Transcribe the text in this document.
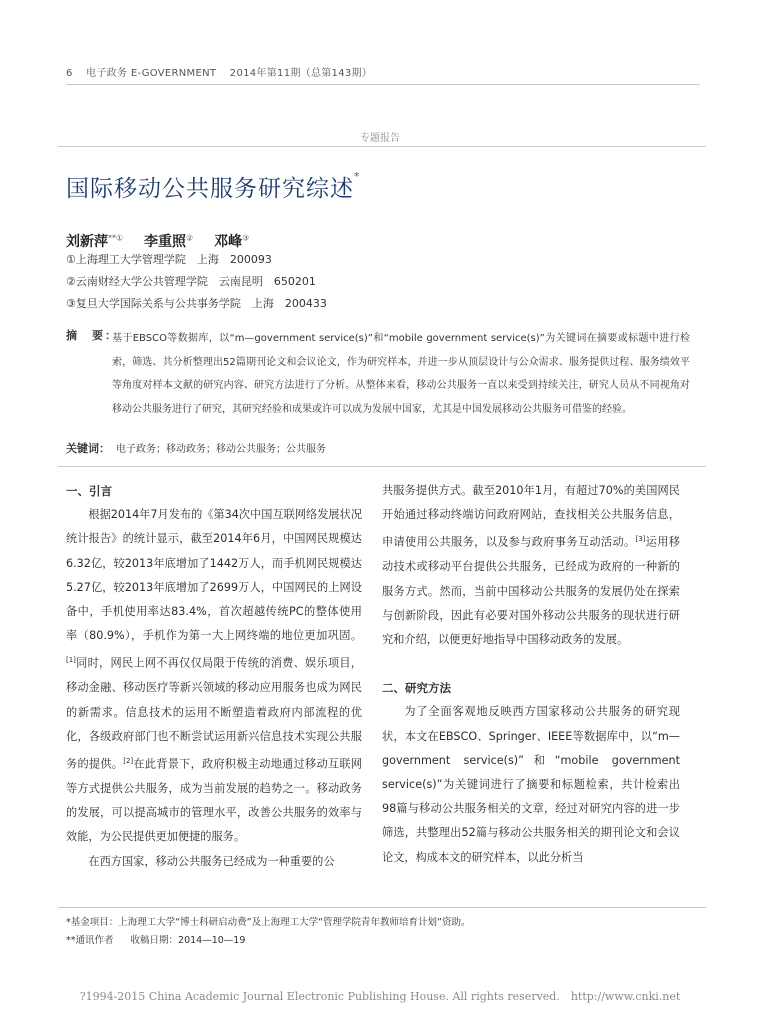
6 电子政务 E-GOVERNMENT 2014年第11期（总第143期）
专题报告
国际移动公共服务研究综述*
刘新萍**① 李重照② 邓峰③
①上海理工大学管理学院　上海　200093
②云南财经大学公共管理学院　云南昆明　650201
③复旦大学国际关系与公共事务学院　上海　200433
摘　要：
基于EBSCO等数据库，以“m—government service(s)”和“mobile government service(s)”为关键词在摘要或标题中进行检索，筛选、共分析整理出52篇期刊论文和会议论文，作为研究样本，并进一步从顶层设计与公众需求、服务提供过程、服务绩效平等角度对样本文献的研究内容、研究方法进行了分析。从整体来看，移动公共服务一直以来受到持续关注，研究人员从不同视角对移动公共服务进行了研究，其研究经验和成果或许可以成为发展中国家，尤其是中国发展移动公共服务可借鉴的经验。
关键词： 电子政务；移动政务；移动公共服务；公共服务

一、引言

根据2014年7月发布的《第34次中国互联网络发展状况统计报告》的统计显示，截至2014年6月，中国网民规模达6.32亿，较2013年底增加了1442万人，而手机网民规模达5.27亿，较2013年底增加了2699万人，中国网民的上网设备中，手机使用率达83.4%，首次超越传统PC的整体使用率（80.9%），手机作为第一大上网终端的地位更加巩固。[1]同时，网民上网不再仅仅局限于传统的消费、娱乐项目，移动金融、移动医疗等新兴领域的移动应用服务也成为网民的新需求。信息技术的运用不断塑造着政府内部流程的优化，各级政府部门也不断尝试运用新兴信息技术实现公共服务的提供。[2]在此背景下，政府积极主动地通过移动互联网等方式提供公共服务，成为当前发展的趋势之一。移动政务的发展，可以提高城市的管理水平，改善公共服务的效率与效能，为公民提供更加便捷的服务。

在西方国家，移动公共服务已经成为一种重要的公

共服务提供方式。截至2010年1月，有超过70%的美国网民开始通过移动终端访问政府网站，查找相关公共服务信息，申请使用公共服务，以及参与政府事务互动活动。[3]运用移动技术或移动平台提供公共服务，已经成为政府的一种新的服务方式。然而，当前中国移动公共服务的发展仍处在探索与创新阶段，因此有必要对国外移动公共服务的现状进行研究和介绍，以便更好地指导中国移动政务的发展。

二、研究方法

为了全面客观地反映西方国家移动公共服务的研究现状，本文在EBSCO、Springer、IEEE等数据库中，以“m—government service(s)”和“mobile government service(s)”为关键词进行了摘要和标题检索，共计检索出98篇与移动公共服务相关的文章，经过对研究内容的进一步筛选，共整理出52篇与移动公共服务相关的期刊论文和会议论文，构成本文的研究样本，以此分析当

*基金项目：上海理工大学“博士科研启动费”及上海理工大学“管理学院青年教师培育计划”资助。
**通讯作者 收稿日期：2014—10—19
?1994-2015 China Academic Journal Electronic Publishing House. All rights reserved.　http://www.cnki.net
